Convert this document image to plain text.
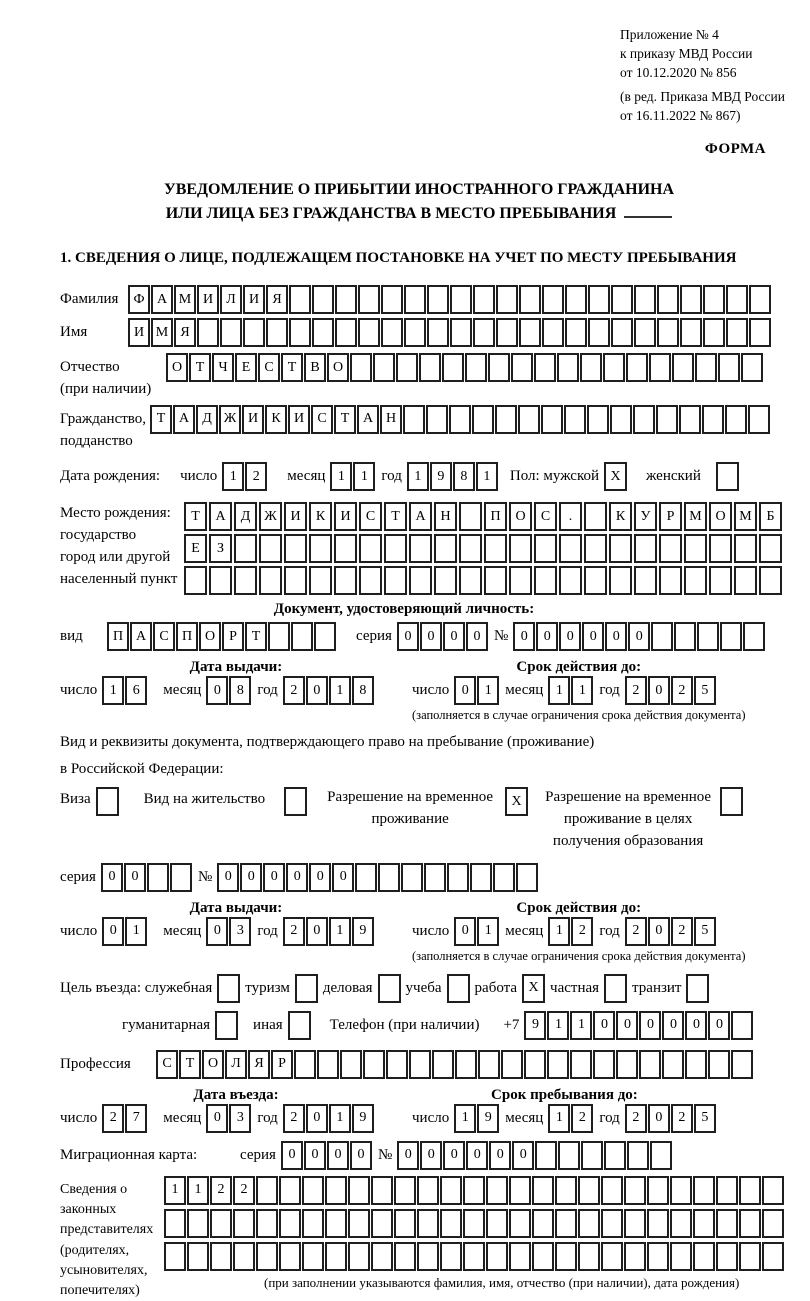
Приложение № 4
к приказу МВД России
от 10.12.2020 № 856
(в ред. Приказа МВД России
от 16.11.2022 № 867)
ФОРМА
УВЕДОМЛЕНИЕ О ПРИБЫТИИ ИНОСТРАННОГО ГРАЖДАНИНА
ИЛИ ЛИЦА БЕЗ ГРАЖДАНСТВА В МЕСТО ПРЕБЫВАНИЯ
1. СВЕДЕНИЯ О ЛИЦЕ, ПОДЛЕЖАЩЕМ ПОСТАНОВКЕ НА УЧЕТ ПО МЕСТУ ПРЕБЫВАНИЯ
Фамилия	Ф А М И Л И Я
Имя	И М Я
Отчество
(при наличии)
О Т	Ч	Е	С	Т	В О
Гражданство,
подданство
Т А Д Ж И К И С	Т А Н
Дата рождения: число 1	2	месяц 1	1 год 1	9	8	1	Пол: мужской X	женский
Место рождения:
государство
город или другой
населенный пункт
Т	А	Д Ж И	К	И	С	Т	А	Н	П	О	С	.	К	У	Р	М О М	Б
Е	З
Документ, удостоверяющий личность:
вид	П А С П О	Р	Т	серия 0	0	0	0 № 0	0	0	0	0	0
Дата выдачи:
число 1	6	месяц 0	8 год 2	0	1	8
Срок действия до:
число 0	1 месяц 1	1 год 2	0	2	5
(заполняется в случае ограничения срока действия документа)
Вид и реквизиты документа, подтверждающего право на пребывание (проживание)
в Российской Федерации:
Виза	Вид на жительство	Разрешение на временное проживание
X	Разрешение на временное проживание в целях получения образования
серия 0	0	№ 0	0	0	0	0	0
Дата выдачи:
число 0	1	месяц 0	3 год 2	0	1	9
Срок действия до:
число 0	1 месяц 1	2 год 2	0	2	5
(заполняется в случае ограничения срока действия документа)
Цель въезда: служебная туризм деловая учеба работа X частная транзит
гуманитарная	иная	Телефон (при наличии) +7 9	1	1	0	0	0	0	0	0
Профессия	С	Т О Л Я	Р
Дата въезда:
число 2	7	месяц 0	3 год 2	0	1	9
Срок пребывания до:
число 1	9 месяц 1	2 год 2	0	2	5
Миграционная карта:	серия 0	0	0	0 № 0	0	0	0	0	0
Сведения о
законных
представителях
(родителях,
усыновителях,
попечителях)
1	1	2	2
(при заполнении указываются фамилия, имя, отчество (при наличии), дата рождения)
